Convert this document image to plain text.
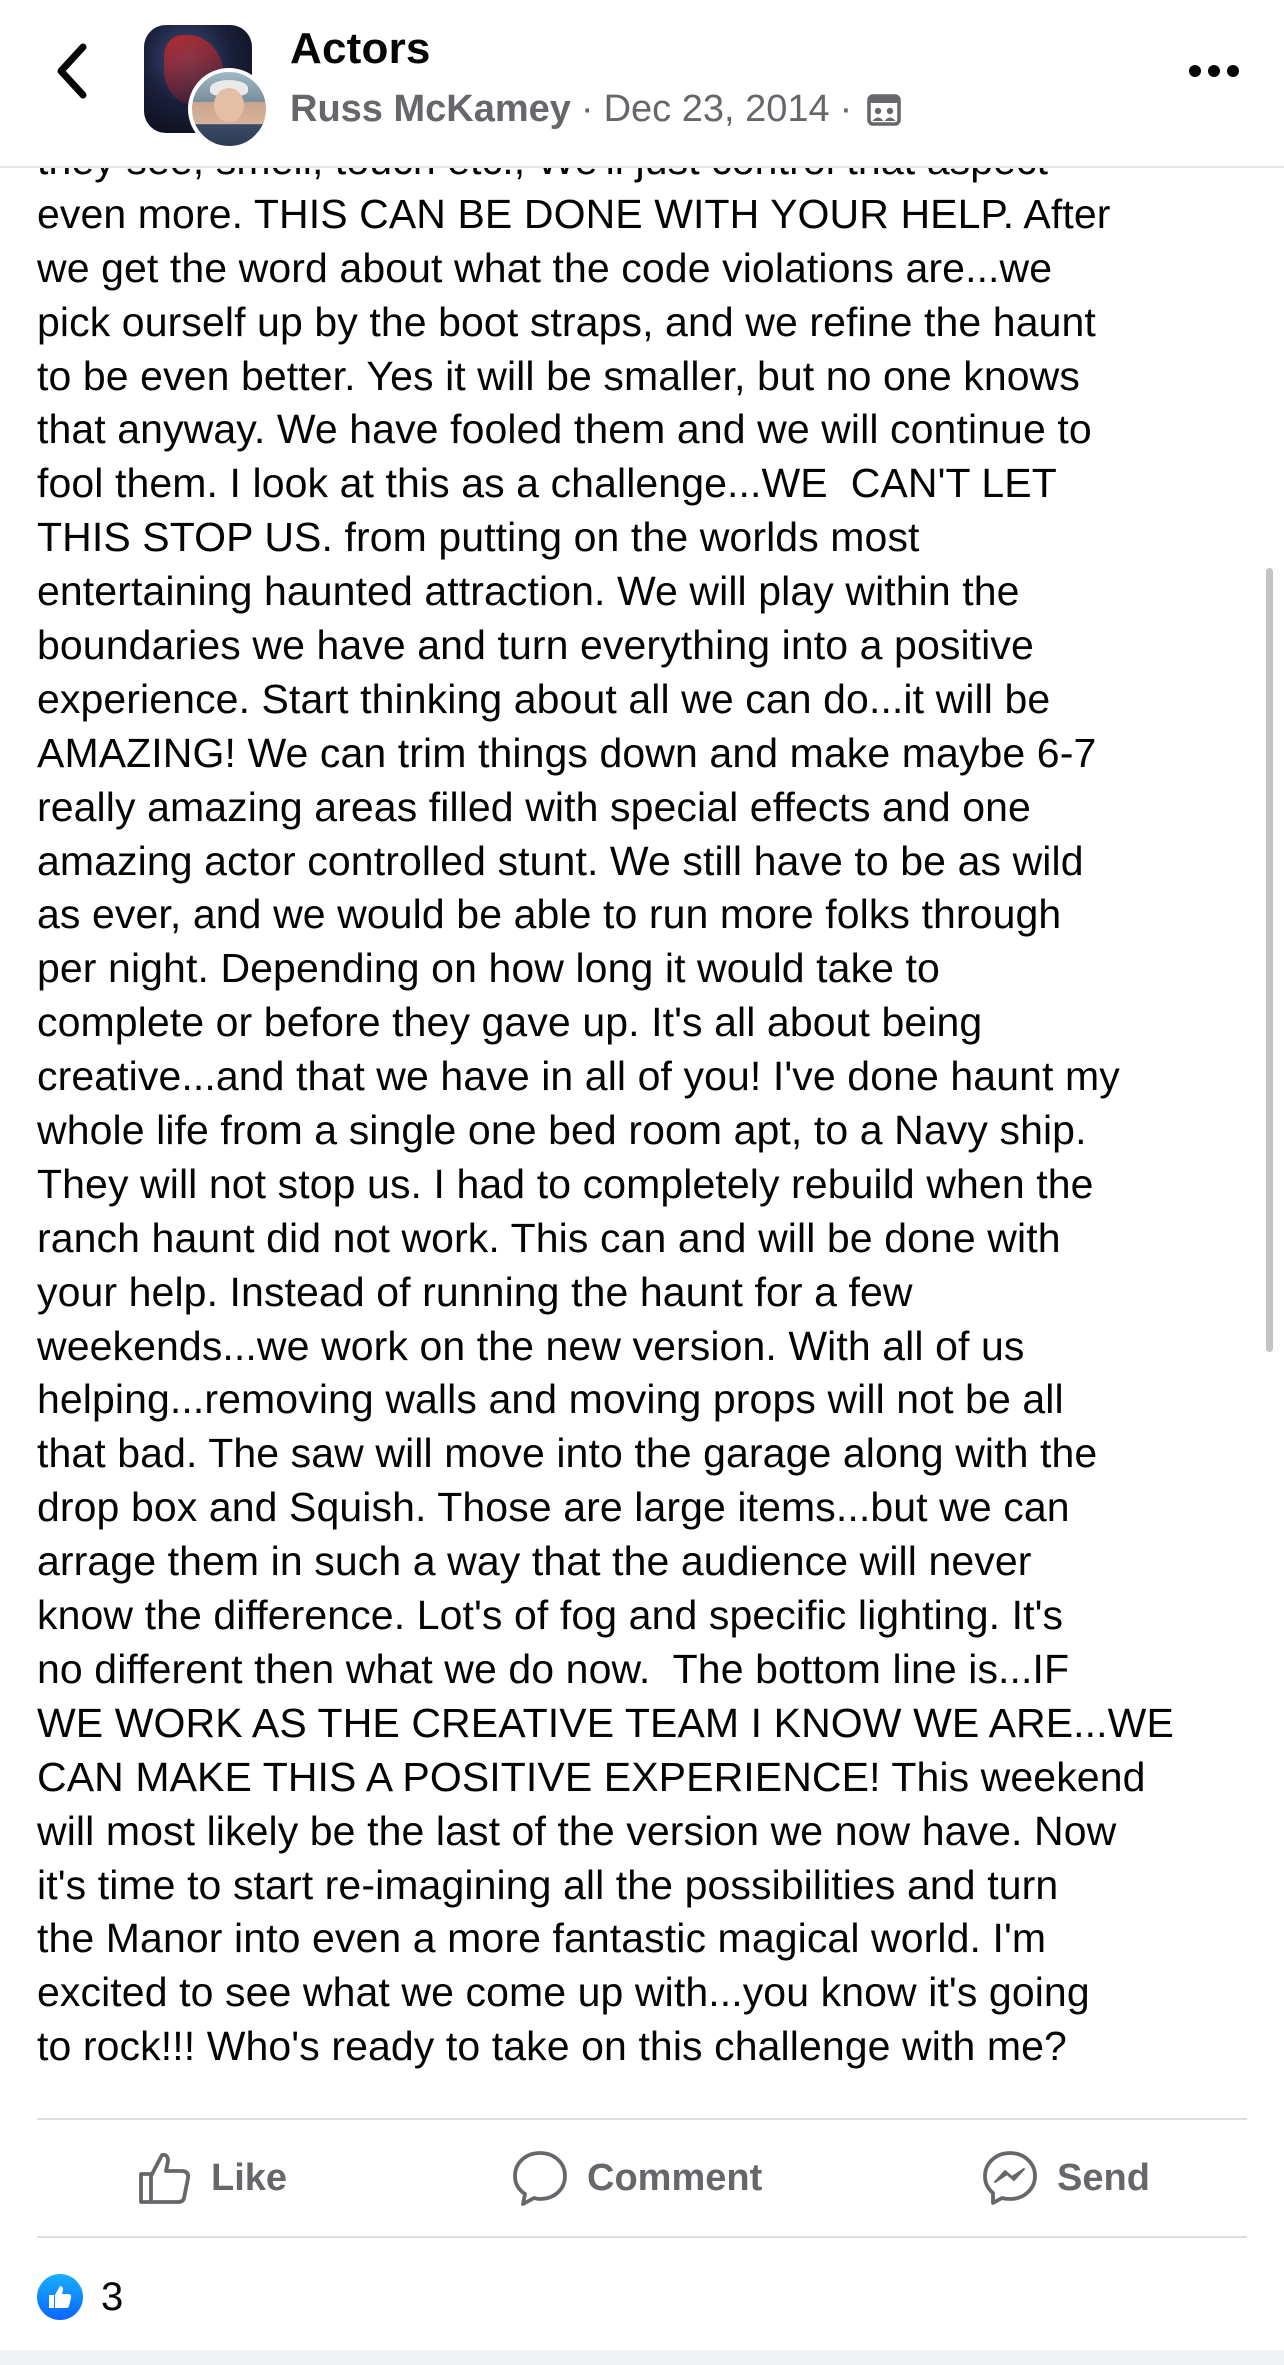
Actors
Russ McKamey · Dec 23, 2014 ·
even more. THIS CAN BE DONE WITH YOUR HELP. After
we get the word about what the code violations are...we
pick ourself up by the boot straps, and we refine the haunt
to be even better. Yes it will be smaller, but no one knows
that anyway. We have fooled them and we will continue to
fool them. I look at this as a challenge...WE  CAN'T LET
THIS STOP US. from putting on the worlds most
entertaining haunted attraction. We will play within the
boundaries we have and turn everything into a positive
experience. Start thinking about all we can do...it will be
AMAZING! We can trim things down and make maybe 6-7
really amazing areas filled with special effects and one
amazing actor controlled stunt. We still have to be as wild
as ever, and we would be able to run more folks through
per night. Depending on how long it would take to
complete or before they gave up. It's all about being
creative...and that we have in all of you! I've done haunt my
whole life from a single one bed room apt, to a Navy ship.
They will not stop us. I had to completely rebuild when the
ranch haunt did not work. This can and will be done with
your help. Instead of running the haunt for a few
weekends...we work on the new version. With all of us
helping...removing walls and moving props will not be all
that bad. The saw will move into the garage along with the
drop box and Squish. Those are large items...but we can
arrage them in such a way that the audience will never
know the difference. Lot's of fog and specific lighting. It's
no different then what we do now.  The bottom line is...IF
WE WORK AS THE CREATIVE TEAM I KNOW WE ARE...WE
CAN MAKE THIS A POSITIVE EXPERIENCE! This weekend
will most likely be the last of the version we now have. Now
it's time to start re-imagining all the possibilities and turn
the Manor into even a more fantastic magical world. I'm
excited to see what we come up with...you know it's going
to rock!!! Who's ready to take on this challenge with me?
Like	Comment	Send
3
